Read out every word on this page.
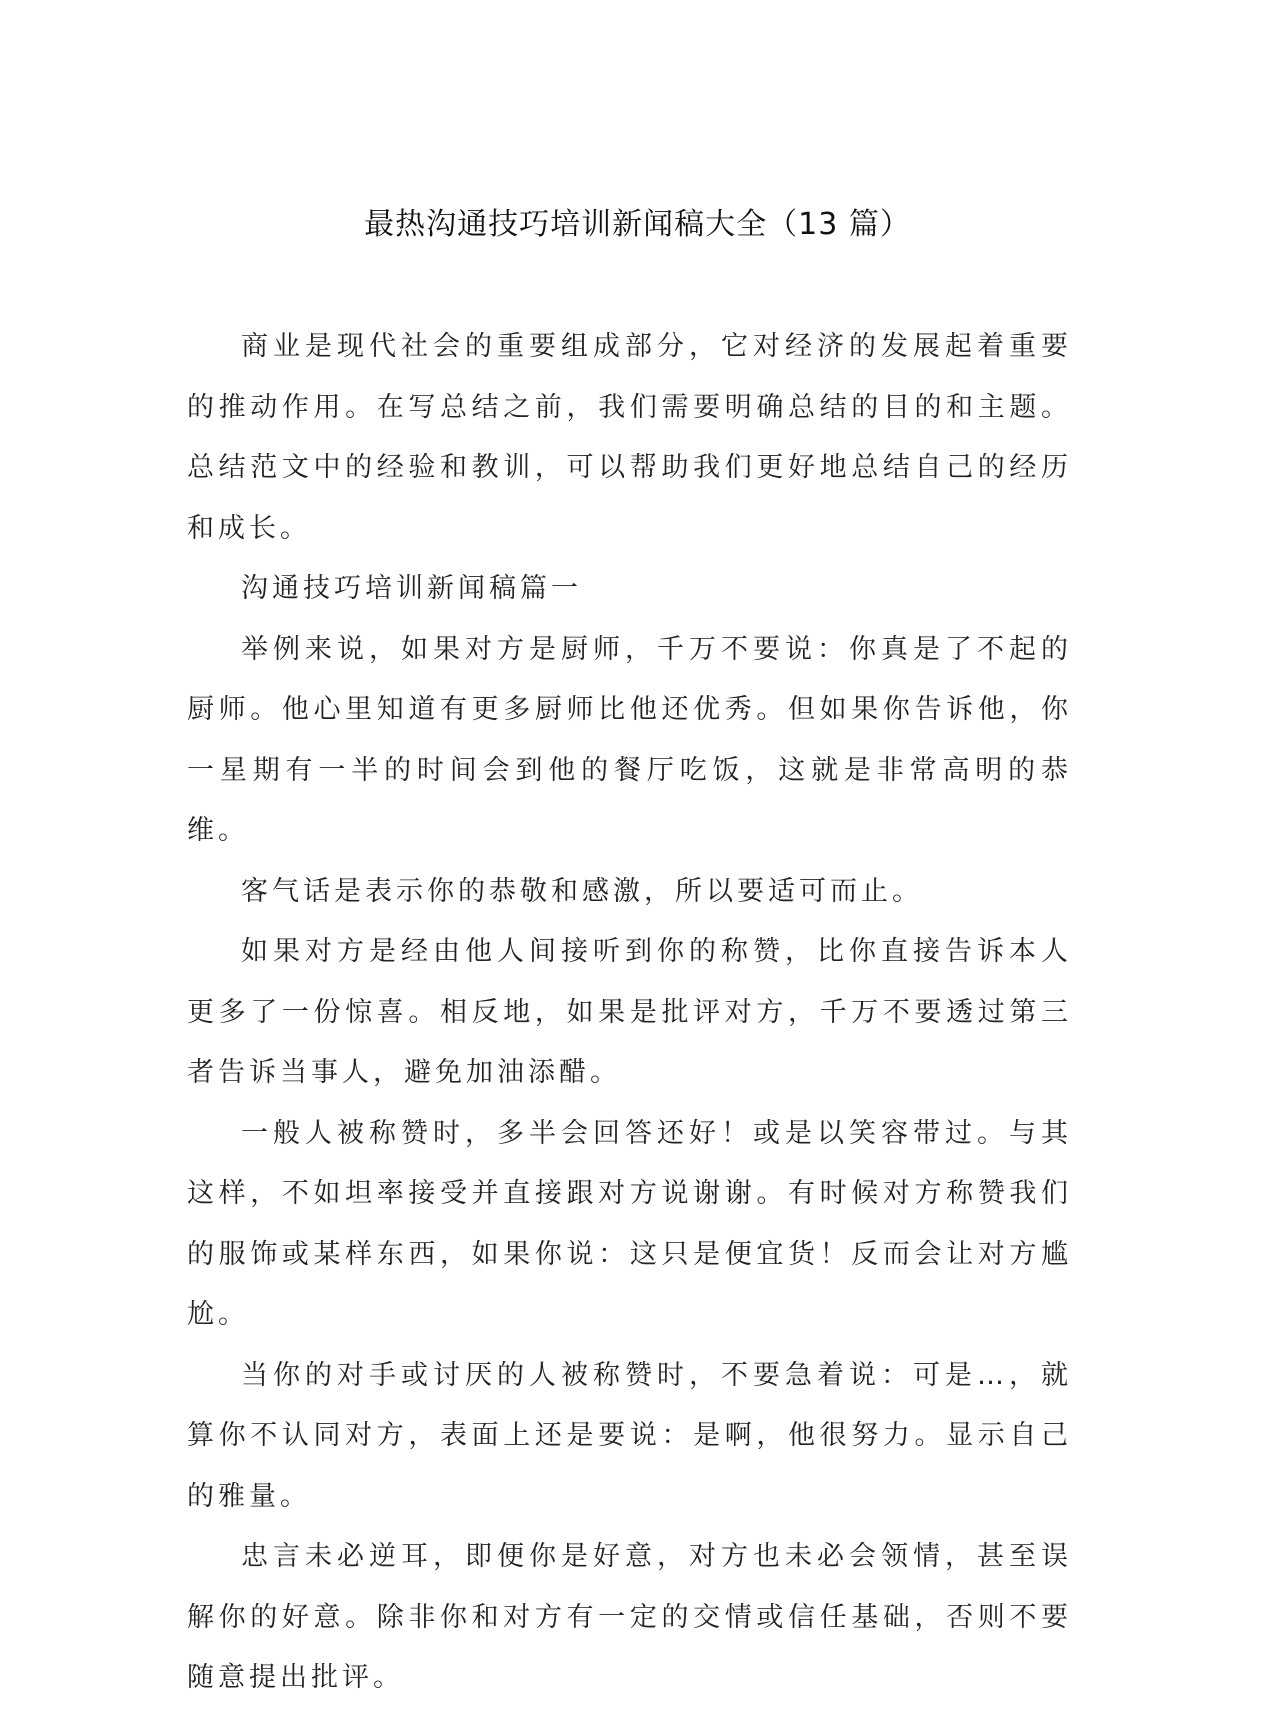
最热沟通技巧培训新闻稿大全（13 篇）

商业是现代社会的重要组成部分，它对经济的发展起着重要的推动作用。在写总结之前，我们需要明确总结的目的和主题。总结范文中的经验和教训，可以帮助我们更好地总结自己的经历和成长。

沟通技巧培训新闻稿篇一

举例来说，如果对方是厨师，千万不要说：你真是了不起的厨师。他心里知道有更多厨师比他还优秀。但如果你告诉他，你一星期有一半的时间会到他的餐厅吃饭，这就是非常高明的恭维。

客气话是表示你的恭敬和感激，所以要适可而止。

如果对方是经由他人间接听到你的称赞，比你直接告诉本人更多了一份惊喜。相反地，如果是批评对方，千万不要透过第三者告诉当事人，避免加油添醋。

一般人被称赞时，多半会回答还好！或是以笑容带过。与其这样，不如坦率接受并直接跟对方说谢谢。有时候对方称赞我们的服饰或某样东西，如果你说：这只是便宜货！反而会让对方尴尬。

当你的对手或讨厌的人被称赞时，不要急着说：可是…，就算你不认同对方，表面上还是要说：是啊，他很努力。显示自己的雅量。

忠言未必逆耳，即便你是好意，对方也未必会领情，甚至误解你的好意。除非你和对方有一定的交情或信任基础，否则不要随意提出批评。
